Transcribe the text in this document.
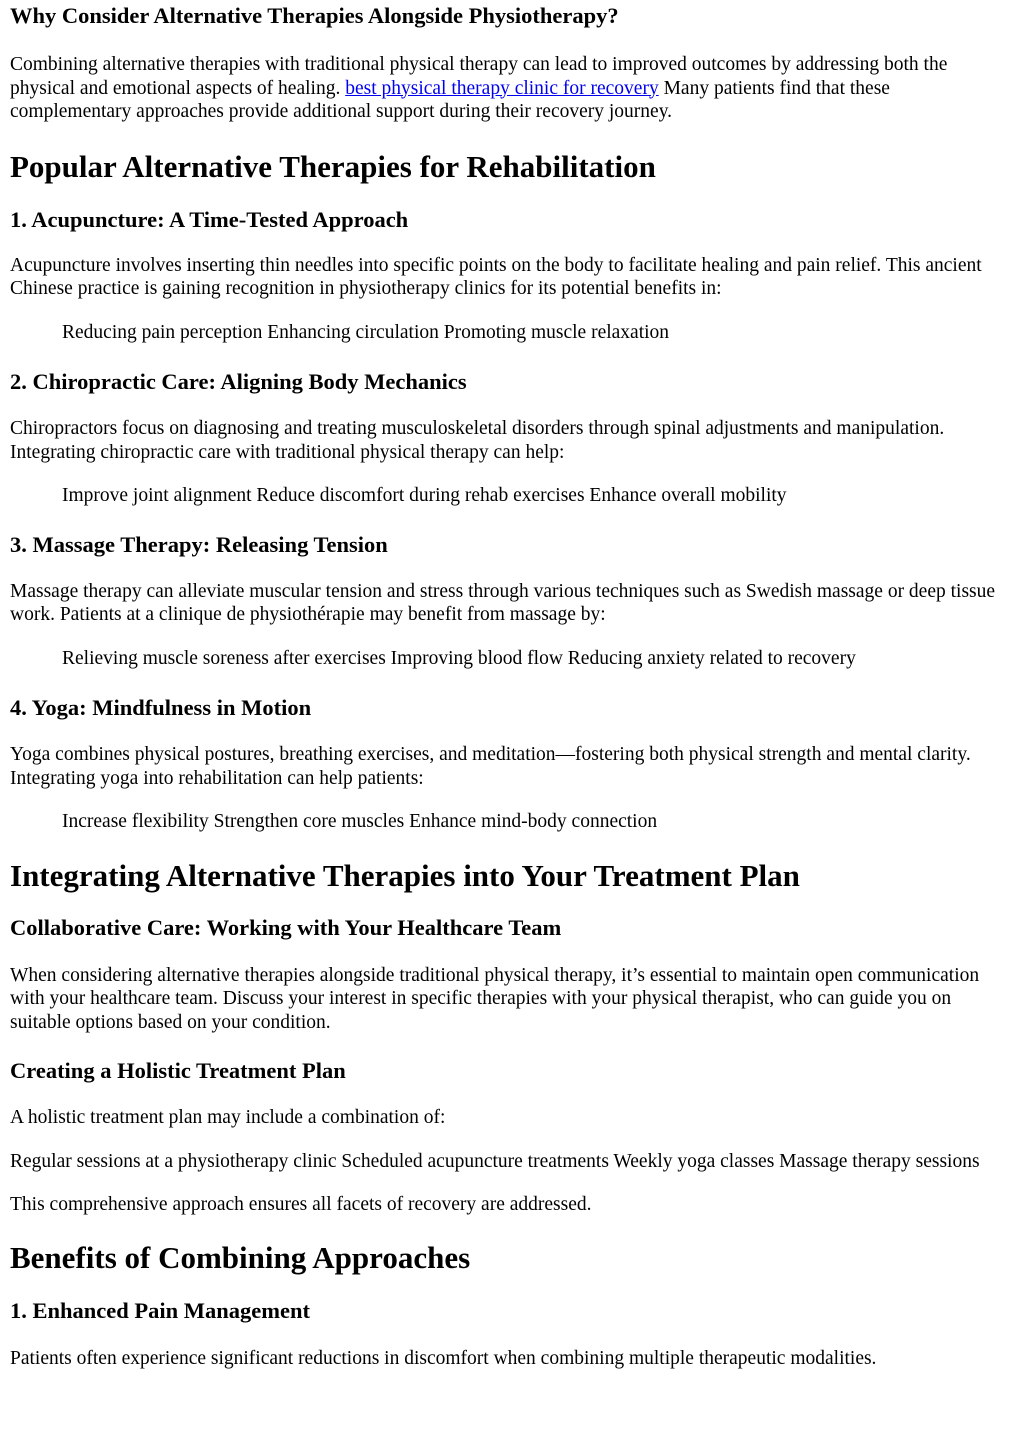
Why Consider Alternative Therapies Alongside Physiotherapy?

Combining alternative therapies with traditional physical therapy can lead to improved outcomes by addressing both the physical and emotional aspects of healing. best physical therapy clinic for recovery Many patients find that these complementary approaches provide additional support during their recovery journey.

Popular Alternative Therapies for Rehabilitation
1. Acupuncture: A Time-Tested Approach

Acupuncture involves inserting thin needles into specific points on the body to facilitate healing and pain relief. This ancient Chinese practice is gaining recognition in physiotherapy clinics for its potential benefits in:

Reducing pain perception Enhancing circulation Promoting muscle relaxation

2. Chiropractic Care: Aligning Body Mechanics

Chiropractors focus on diagnosing and treating musculoskeletal disorders through spinal adjustments and manipulation. Integrating chiropractic care with traditional physical therapy can help:

Improve joint alignment Reduce discomfort during rehab exercises Enhance overall mobility

3. Massage Therapy: Releasing Tension

Massage therapy can alleviate muscular tension and stress through various techniques such as Swedish massage or deep tissue work. Patients at a clinique de physiothérapie may benefit from massage by:

Relieving muscle soreness after exercises Improving blood flow Reducing anxiety related to recovery

4. Yoga: Mindfulness in Motion

Yoga combines physical postures, breathing exercises, and meditation—fostering both physical strength and mental clarity. Integrating yoga into rehabilitation can help patients:

Increase flexibility Strengthen core muscles Enhance mind-body connection

Integrating Alternative Therapies into Your Treatment Plan
Collaborative Care: Working with Your Healthcare Team

When considering alternative therapies alongside traditional physical therapy, it’s essential to maintain open communication with your healthcare team. Discuss your interest in specific therapies with your physical therapist, who can guide you on suitable options based on your condition.

Creating a Holistic Treatment Plan

A holistic treatment plan may include a combination of:

Regular sessions at a physiotherapy clinic Scheduled acupuncture treatments Weekly yoga classes Massage therapy sessions

This comprehensive approach ensures all facets of recovery are addressed.

Benefits of Combining Approaches
1. Enhanced Pain Management

Patients often experience significant reductions in discomfort when combining multiple therapeutic modalities.
